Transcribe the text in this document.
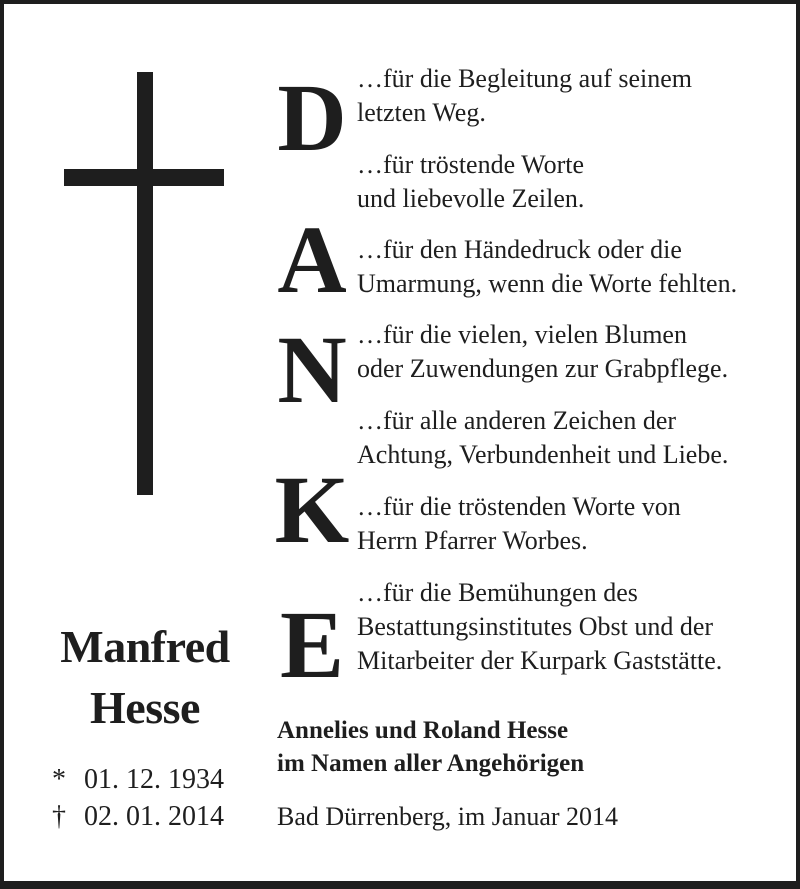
D
A
N
K
E
…für die Begleitung auf seinem
letzten Weg.
…für tröstende Worte
und liebevolle Zeilen.
…für den Händedruck oder die
Umarmung, wenn die Worte fehlten.
…für die vielen, vielen Blumen
oder Zuwendungen zur Grabpflege.
…für alle anderen Zeichen der
Achtung, Verbundenheit und Liebe.
…für die tröstenden Worte von
Herrn Pfarrer Worbes.
…für die Bemühungen des
Bestattungsinstitutes Obst und der
Mitarbeiter der Kurpark Gaststätte.
Manfred
Hesse
* 01. 12. 1934
† 02. 01. 2014
Annelies und Roland Hesse
im Namen aller Angehörigen
Bad Dürrenberg, im Januar 2014
